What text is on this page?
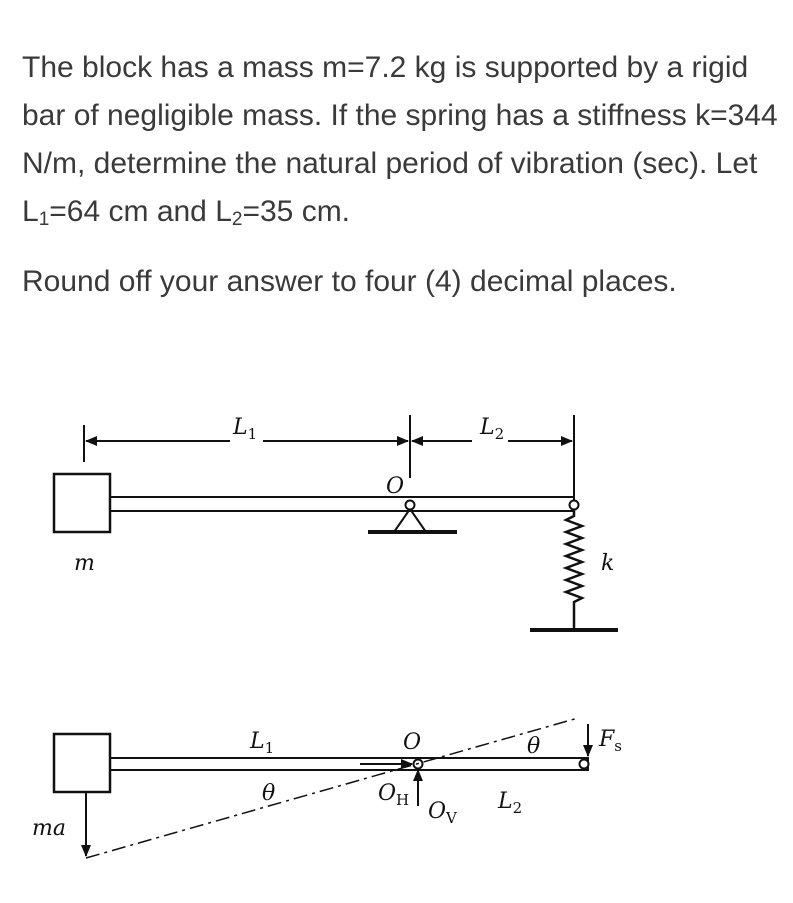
The block has a mass m=7.2 kg is supported by a rigid bar of negligible mass. If the spring has a stiffness k=344 N/m, determine the natural period of vibration (sec). Let $L_1=64$ cm and $L_2=35$ cm.

Round off your answer to four (4) decimal places.

$L_1$	$L_2$
O
m	k
$L_1$	O	θ	$F_s$
θ	$O_H$ $O_V$
$L_2$
ma
